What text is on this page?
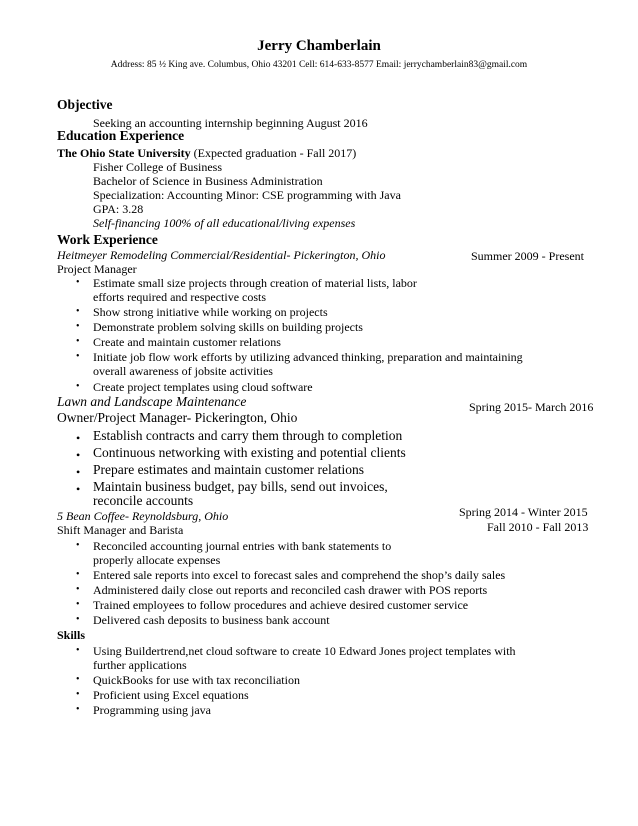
Jerry Chamberlain
Address: 85 ½ King ave. Columbus, Ohio 43201 Cell: 614-633-8577 Email: jerrychamberlain83@gmail.com
Objective
Seeking an accounting internship beginning August 2016
Education Experience
The Ohio State University (Expected graduation - Fall 2017)
Fisher College of Business
Bachelor of Science in Business Administration
Specialization: Accounting Minor: CSE programming with Java
GPA: 3.28
Self-financing 100% of all educational/living expenses
Work Experience
Heitmeyer Remodeling Commercial/Residential- Pickerington, Ohio	Summer 2009 - Present
Project Manager
• Estimate small size projects through creation of material lists, labor
efforts required and respective costs
• Show strong initiative while working on projects
• Demonstrate problem solving skills on building projects
• Create and maintain customer relations
• Initiate job flow work efforts by utilizing advanced thinking, preparation and maintaining
overall awareness of jobsite activities
• Create project templates using cloud software
Lawn and Landscape Maintenance	Spring 2015- March 2016
Owner/Project Manager- Pickerington, Ohio
• Establish contracts and carry them through to completion
• Continuous networking with existing and potential clients
• Prepare estimates and maintain customer relations
• Maintain business budget, pay bills, send out invoices,
reconcile accounts
5 Bean Coffee- Reynoldsburg, Ohio	Spring 2014 - Winter 2015
Fall 2010 - Fall 2013
Shift Manager and Barista
• Reconciled accounting journal entries with bank statements to
properly allocate expenses
• Entered sale reports into excel to forecast sales and comprehend the shop’s daily sales
• Administered daily close out reports and reconciled cash drawer with POS reports
• Trained employees to follow procedures and achieve desired customer service
• Delivered cash deposits to business bank account
Skills
• Using Buildertrend,net cloud software to create 10 Edward Jones project templates with
further applications
• QuickBooks for use with tax reconciliation
• Proficient using Excel equations
• Programming using java
